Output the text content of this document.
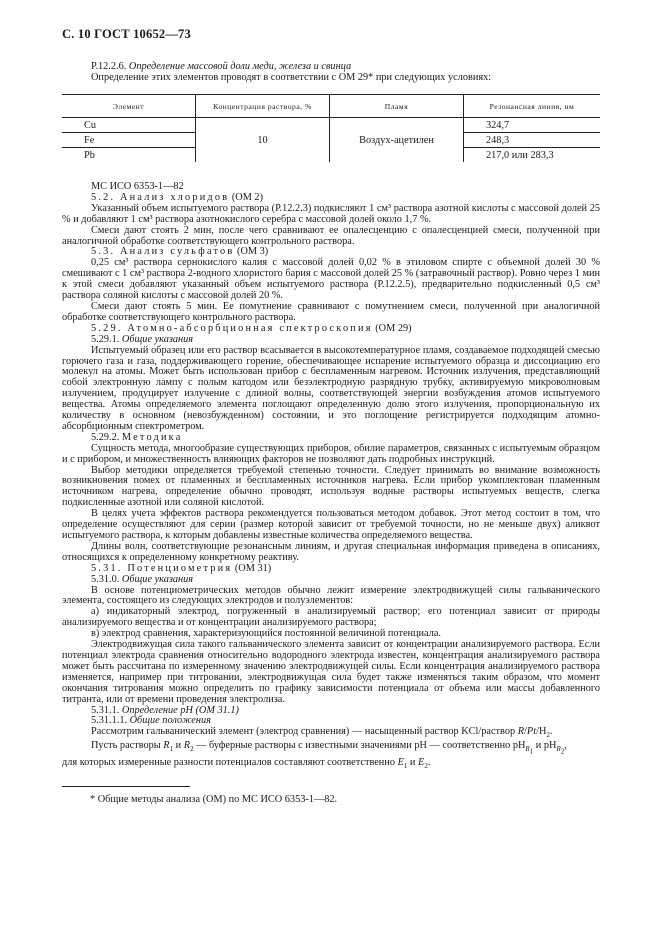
С. 10 ГОСТ 10652—73

Р.12.2.6. Определение массовой доли меди, железа и свинца

Определение этих элементов проводят в соответствии с ОМ 29* при следующих условиях:

Элемент	Концентрация раствора, %	Пламя	Резонансная линия, нм
Cu	10	Воздух-ацетилен	324,7
Fe			248,3
Pb			217,0 или 283,3

МС ИСО 6353-1—82

5.2. Анализ хлоридов (ОМ 2)

Указанный объем испытуемого раствора (Р.12.2.3) подкисляют 1 см³ раствора азотной кислоты с массовой долей 25 % и добавляют 1 см³ раствора азотнокислого серебра с массовой долей около 1,7 %.

Смеси дают стоять 2 мин, после чего сравнивают ее опалесценцию с опалесценцией смеси, полученной при аналогичной обработке соответствующего контрольного раствора.

5.3. Анализ сульфатов (ОМ 3)

0,25 см³ раствора сернокислого калия с массовой долей 0,02 % в этиловом спирте с объемной долей 30 % смешивают с 1 см³ раствора 2-водного хлористого бария с массовой долей 25 % (затравочный раствор). Ровно через 1 мин к этой смеси добавляют указанный объем испытуемого раствора (Р.12.2.5), предварительно подкисленный 0,5 см³ раствора соляной кислоты с массовой долей 20 %.

Смеси дают стоять 5 мин. Ее помутнение сравнивают с помутнением смеси, полученной при аналогичной обработке соответствующего контрольного раствора.

5.29. Атомно-абсорбционная спектроскопия (ОМ 29)

5.29.1. Общие указания

Испытуемый образец или его раствор всасывается в высокотемпературное пламя, создаваемое подходящей смесью горючего газа и газа, поддерживающего горение, обеспечивающее испарение испытуемого образца и диссоциацию его молекул на атомы. Может быть использован прибор с беспламенным нагревом. Источник излучения, представляющий собой электронную лампу с полым катодом или безэлектродную разрядную трубку, активируемую микроволновым излучением, продуцирует излучение с длиной волны, соответствующей энергии возбуждения атомов испытуемого вещества. Атомы определяемого элемента поглощают определенную долю этого излучения, пропорциональную их количеству в основном (невозбужденном) состоянии, и это поглощение регистрируется подходящим атомно-абсорбционным спектрометром.

5.29.2. Методика

Сущность метода, многообразие существующих приборов, обилие параметров, связанных с испытуемым образцом и с прибором, и множественность влияющих факторов не позволяют дать подробных инструкций.

Выбор методики определяется требуемой степенью точности. Следует принимать во внимание возможность возникновения помех от пламенных и беспламенных источников нагрева. Если прибор укомплектован пламенным источником нагрева, определение обычно проводят, используя водные растворы испытуемых веществ, слегка подкисленные азотной или соляной кислотой.

В целях учета эффектов раствора рекомендуется пользоваться методом добавок. Этот метод состоит в том, что определение осуществляют для серии (размер которой зависит от требуемой точности, но не меньше двух) аликвот испытуемого раствора, к которым добавлены известные количества определяемого вещества.

Длины волн, соответствующие резонансным линиям, и другая специальная информация приведена в описаниях, относящихся к определенному конкретному реактиву.

5.31. Потенциометрия (ОМ 31)

5.31.0. Общие указания

В основе потенциометрических методов обычно лежит измерение электродвижущей силы гальванического элемента, состоящего из следующих электродов и полуэлементов:

а) индикаторный электрод, погруженный в анализируемый раствор; его потенциал зависит от природы анализируемого вещества и от концентрации анализируемого раствора;

в) электрод сравнения, характеризующийся постоянной величиной потенциала.

Электродвижущая сила такого гальванического элемента зависит от концентрации анализируемого раствора. Если потенциал электрода сравнения относительно водородного электрода известен, концентрация анализируемого раствора может быть рассчитана по измеренному значению электродвижущей силы. Если концентрация анализируемого раствора изменяется, например при титровании, электродвижущая сила будет также изменяться таким образом, что момент окончания титрования можно определить по графику зависимости потенциала от объема или массы добавленного титранта, или от времени проведения электролиза.

5.31.1. Определение рН (ОМ 31.1)

5.31.1.1. Общие положения

Рассмотрим гальванический элемент (электрод сравнения) — насыщенный раствор KCl/раствор $R/Pt/Н_2$.

Пусть растворы $R_1$ и $R_2$ — буферные растворы с известными значениями рН — соответственно $рН_{R_1}$ и $рН_{R_2}$,

для которых измеренные разности потенциалов составляют соответственно $E_1$ и $E_2$.

* Общие методы анализа (ОМ) по МС ИСО 6353-1—82.
